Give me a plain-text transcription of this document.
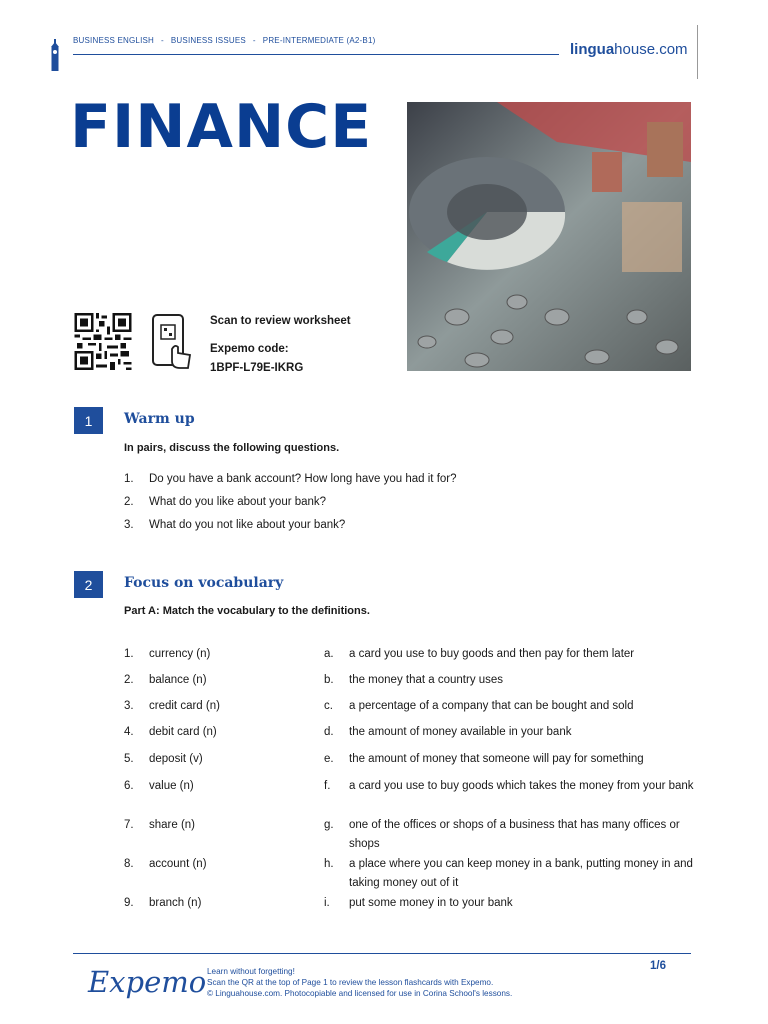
BUSINESS ENGLISH - BUSINESS ISSUES - PRE-INTERMEDIATE (A2-B1)
linguahouse.com
FINANCE
Scan to review worksheet
Expemo code:
1BPF-L79E-IKRG
1	Warm up
In pairs, discuss the following questions.
1. Do you have a bank account? How long have you had it for?
2. What do you like about your bank?
3. What do you not like about your bank?
2	Focus on vocabulary
Part A: Match the vocabulary to the definitions.
1. currency (n)	a. a card you use to buy goods and then pay for them later
2. balance (n)	b. the money that a country uses
3. credit card (n)	c. a percentage of a company that can be bought and sold
4. debit card (n)	d. the amount of money available in your bank
5. deposit (v)	e. the amount of money that someone will pay for something
6. value (n)	f. a card you use to buy goods which takes the money from your bank
7. share (n)	g. one of the offices or shops of a business that has many offices or shops
8. account (n)	h. a place where you can keep money in a bank, putting money in and taking money out of it
9. branch (n)	i. put some money in to your bank
Expemo Learn without forgetting!
Scan the QR at the top of Page 1 to review the lesson flashcards with Expemo.
© Linguahouse.com. Photocopiable and licensed for use in Corina School's lessons.
1/6
